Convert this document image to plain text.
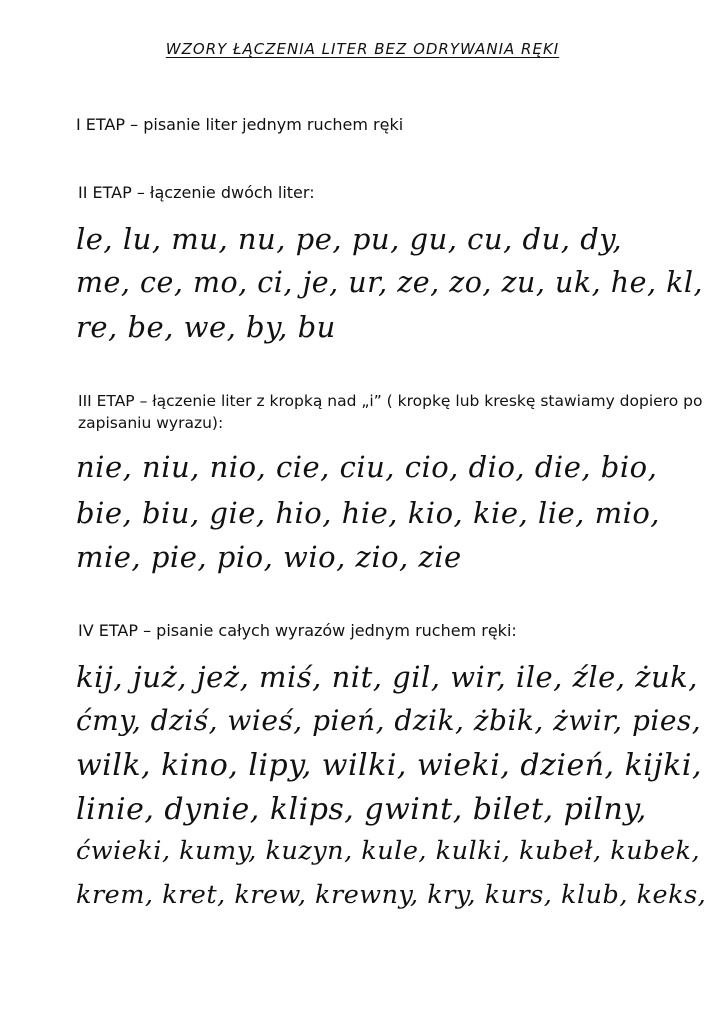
WZORY ŁĄCZENIA LITER BEZ ODRYWANIA RĘKI
I ETAP – pisanie liter jednym ruchem ręki
II ETAP – łączenie dwóch liter:
le, lu, mu, nu, pe, pu, gu, cu, du, dy,
me, ce, mo, ci, je, ur, ze, zo, zu, uk, he, kl,
re, be, we, by, bu
III ETAP – łączenie liter z kropką nad „i” ( kropkę lub kreskę stawiamy dopiero po zapisaniu wyrazu):
nie, niu, nio, cie, ciu, cio, dio, die, bio,
bie, biu, gie, hio, hie, kio, kie, lie, mio,
mie, pie, pio, wio, zio, zie
IV ETAP – pisanie całych wyrazów jednym ruchem ręki:
kij, już, jeż, miś, nit, gil, wir, ile, źle, żuk,
ćmy, dziś, wieś, pień, dzik, żbik, żwir, pies,
wilk, kino, lipy, wilki, wieki, dzień, kijki,
linie, dynie, klips, gwint, bilet, pilny,
ćwieki, kumy, kuzyn, kule, kulki, kubeł, kubek,
krem, kret, krew, krewny, kry, kurs, klub, keks,
